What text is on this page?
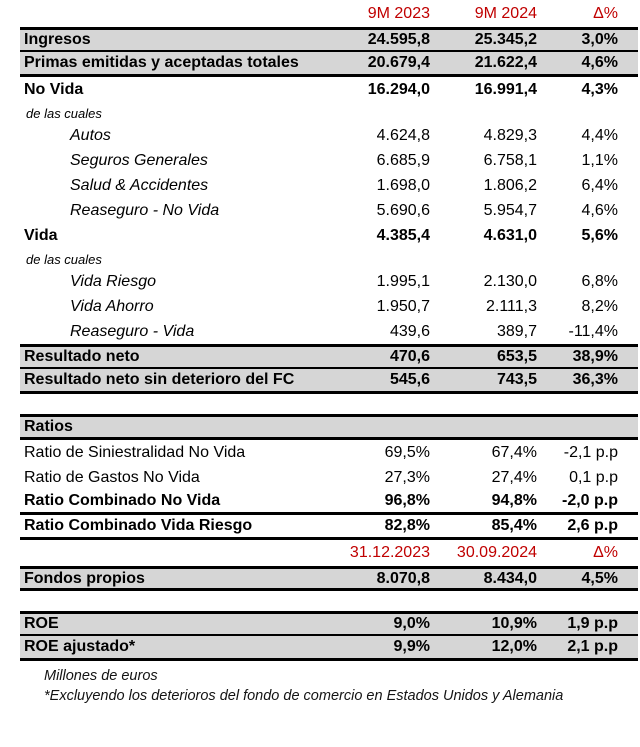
9M 2023	9M 2024	Δ%
Ingresos	24.595,8	25.345,2	3,0%
Primas emitidas y aceptadas totales	20.679,4	21.622,4	4,6%
No Vida	16.294,0	16.991,4	4,3%
de las cuales
Autos	4.624,8	4.829,3	4,4%
Seguros Generales	6.685,9	6.758,1	1,1%
Salud & Accidentes	1.698,0	1.806,2	6,4%
Reaseguro - No Vida	5.690,6	5.954,7	4,6%
Vida	4.385,4	4.631,0	5,6%
de las cuales
Vida Riesgo	1.995,1	2.130,0	6,8%
Vida Ahorro	1.950,7	2.111,3	8,2%
Reaseguro - Vida	439,6	389,7	-11,4%
Resultado neto	470,6	653,5	38,9%
Resultado neto sin deterioro del FC	545,6	743,5	36,3%
Ratios
Ratio de Siniestralidad No Vida	69,5%	67,4%	-2,1 p.p
Ratio de Gastos No Vida	27,3%	27,4%	0,1 p.p
Ratio Combinado No Vida	96,8%	94,8%	-2,0 p.p
Ratio Combinado Vida Riesgo	82,8%	85,4%	2,6 p.p
31.12.2023	30.09.2024	Δ%
Fondos propios	8.070,8	8.434,0	4,5%
ROE	9,0%	10,9%	1,9 p.p
ROE ajustado*	9,9%	12,0%	2,1 p.p
Millones de euros
*Excluyendo los deterioros del fondo de comercio en Estados Unidos y Alemania
